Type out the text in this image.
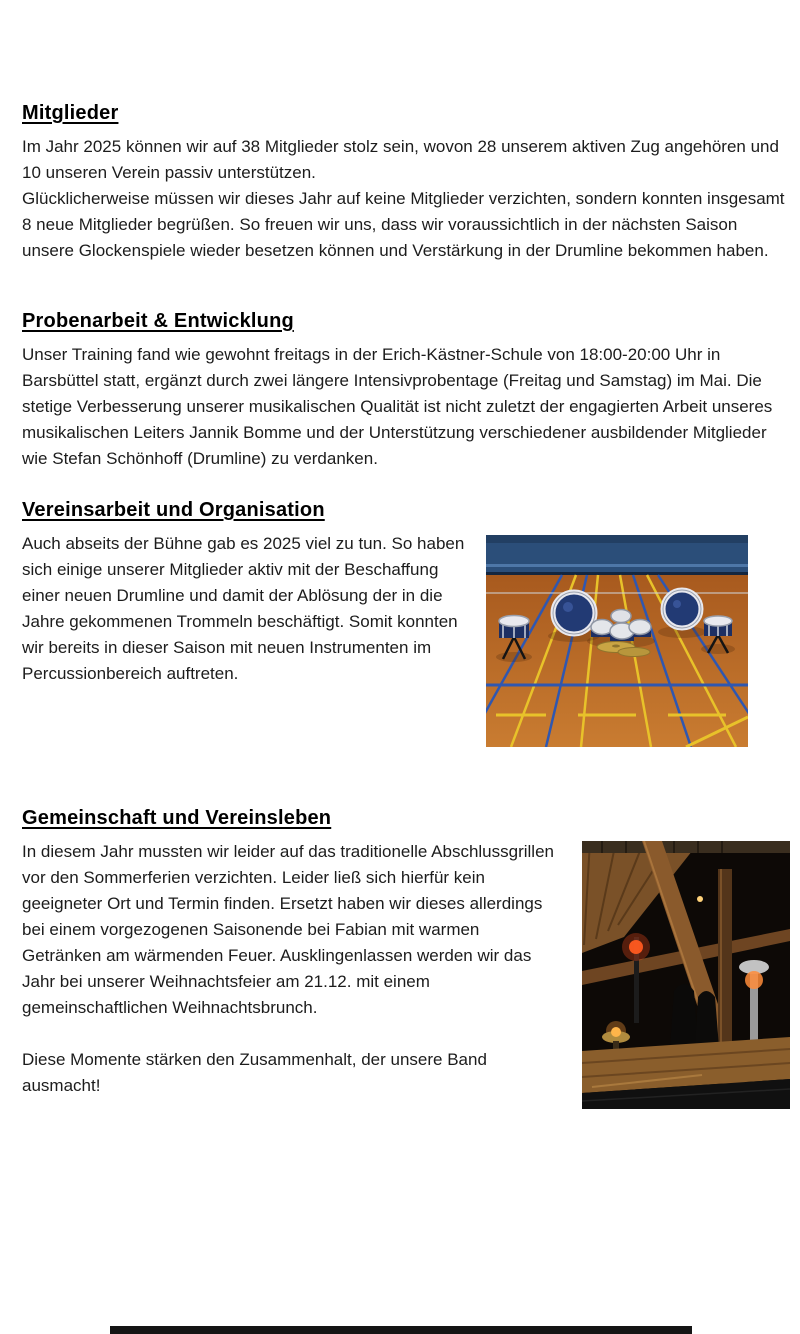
Mitglieder

Im Jahr 2025 können wir auf 38 Mitglieder stolz sein, wovon 28 unserem aktiven Zug angehören und 10 unseren Verein passiv unterstützen.

Glücklicherweise müssen wir dieses Jahr auf keine Mitglieder verzichten, sondern konnten insgesamt 8 neue Mitglieder begrüßen. So freuen wir uns, dass wir voraussichtlich in der nächsten Saison unsere Glockenspiele wieder besetzen können und Verstärkung in der Drumline bekommen haben.

Probenarbeit & Entwicklung

Unser Training fand wie gewohnt freitags in der Erich-Kästner-Schule von 18:00-20:00 Uhr in Barsbüttel statt, ergänzt durch zwei längere Intensivprobentage (Freitag und Samstag) im Mai. Die stetige Verbesserung unserer musikalischen Qualität ist nicht zuletzt der engagierten Arbeit unseres musikalischen Leiters Jannik Bomme und der Unterstützung verschiedener ausbildender Mitglieder wie Stefan Schönhoff (Drumline) zu verdanken.

Vereinsarbeit und Organisation

Auch abseits der Bühne gab es 2025 viel zu tun. So haben sich einige unserer Mitglieder aktiv mit der Beschaffung einer neuen Drumline und damit der Ablösung der in die Jahre gekommenen Trommeln beschäftigt. Somit konnten wir bereits in dieser Saison mit neuen Instrumenten im Percussionbereich auftreten.

Gemeinschaft und Vereinsleben

In diesem Jahr mussten wir leider auf das traditionelle Abschlussgrillen vor den Sommerferien verzichten. Leider ließ sich hierfür kein geeigneter Ort und Termin finden. Ersetzt haben wir dieses allerdings bei einem vorgezogenen Saisonende bei Fabian mit warmen Getränken am wärmenden Feuer. Ausklingenlassen werden wir das Jahr bei unserer Weihnachtsfeier am 21.12. mit einem gemeinschaftlichen Weihnachtsbrunch.

Diese Momente stärken den Zusammenhalt, der unsere Band ausmacht!
